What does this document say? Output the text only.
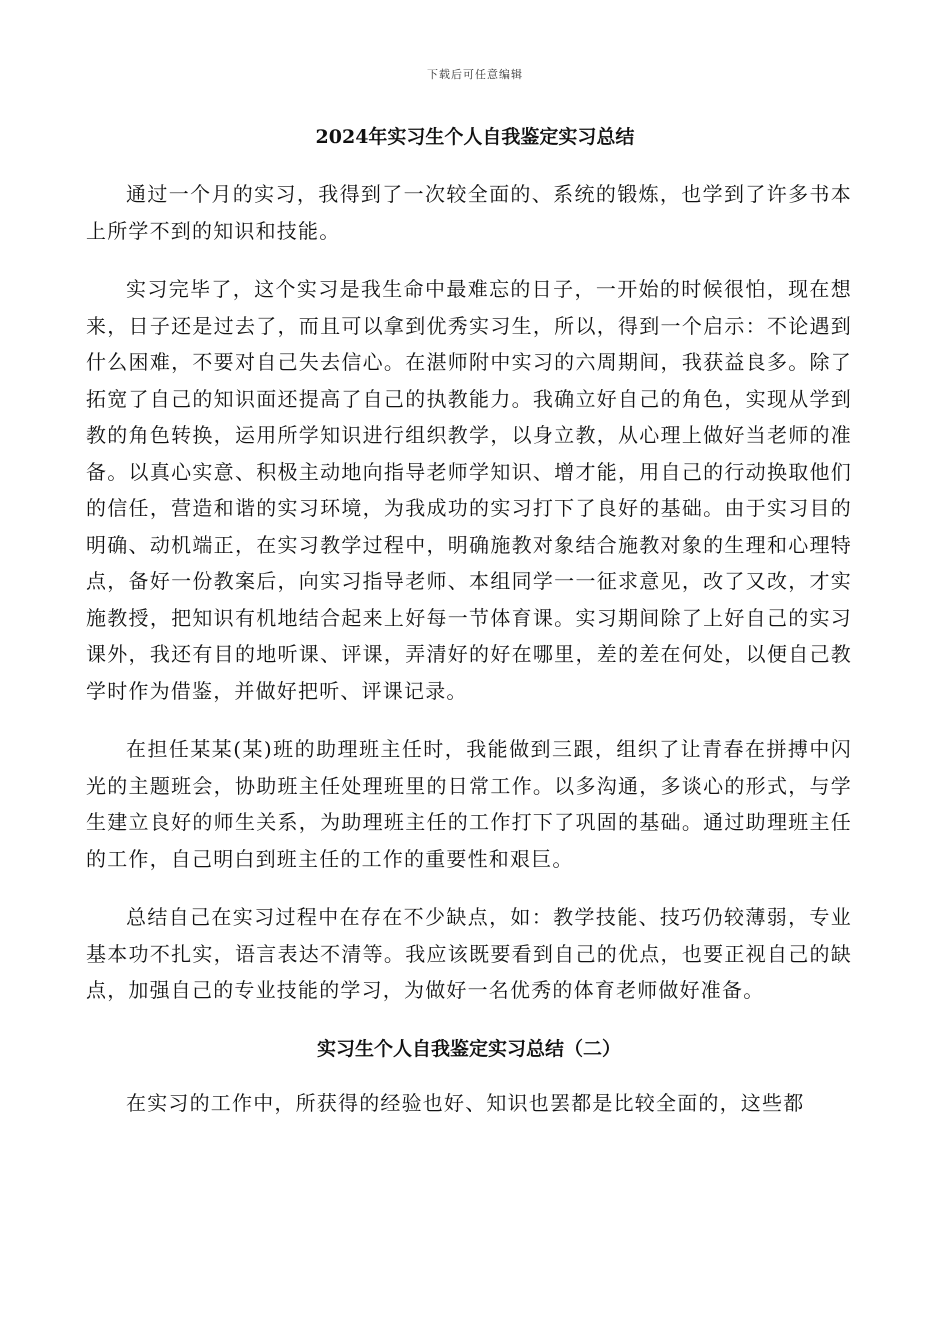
下载后可任意编辑
2024年实习生个人自我鉴定实习总结

通过一个月的实习，我得到了一次较全面的、系统的锻炼，也学到了许多书本上所学不到的知识和技能。

实习完毕了，这个实习是我生命中最难忘的日子，一开始的时候很怕，现在想来，日子还是过去了，而且可以拿到优秀实习生，所以，得到一个启示：不论遇到什么困难，不要对自己失去信心。在湛师附中实习的六周期间，我获益良多。除了拓宽了自己的知识面还提高了自己的执教能力。我确立好自己的角色，实现从学到教的角色转换，运用所学知识进行组织教学，以身立教，从心理上做好当老师的准备。以真心实意、积极主动地向指导老师学知识、增才能，用自己的行动换取他们的信任，营造和谐的实习环境，为我成功的实习打下了良好的基础。由于实习目的明确、动机端正，在实习教学过程中，明确施教对象结合施教对象的生理和心理特点，备好一份教案后，向实习指导老师、本组同学一一征求意见，改了又改，才实施教授，把知识有机地结合起来上好每一节体育课。实习期间除了上好自己的实习课外，我还有目的地听课、评课，弄清好的好在哪里，差的差在何处，以便自己教学时作为借鉴，并做好把听、评课记录。

在担任某某(某)班的助理班主任时，我能做到三跟，组织了让青春在拼搏中闪光的主题班会，协助班主任处理班里的日常工作。以多沟通，多谈心的形式，与学生建立良好的师生关系，为助理班主任的工作打下了巩固的基础。通过助理班主任的工作，自己明白到班主任的工作的重要性和艰巨。

总结自己在实习过程中在存在不少缺点，如：教学技能、技巧仍较薄弱，专业基本功不扎实，语言表达不清等。我应该既要看到自己的优点，也要正视自己的缺点，加强自己的专业技能的学习，为做好一名优秀的体育老师做好准备。

实习生个人自我鉴定实习总结（二）

在实习的工作中，所获得的经验也好、知识也罢都是比较全面的，这些都
